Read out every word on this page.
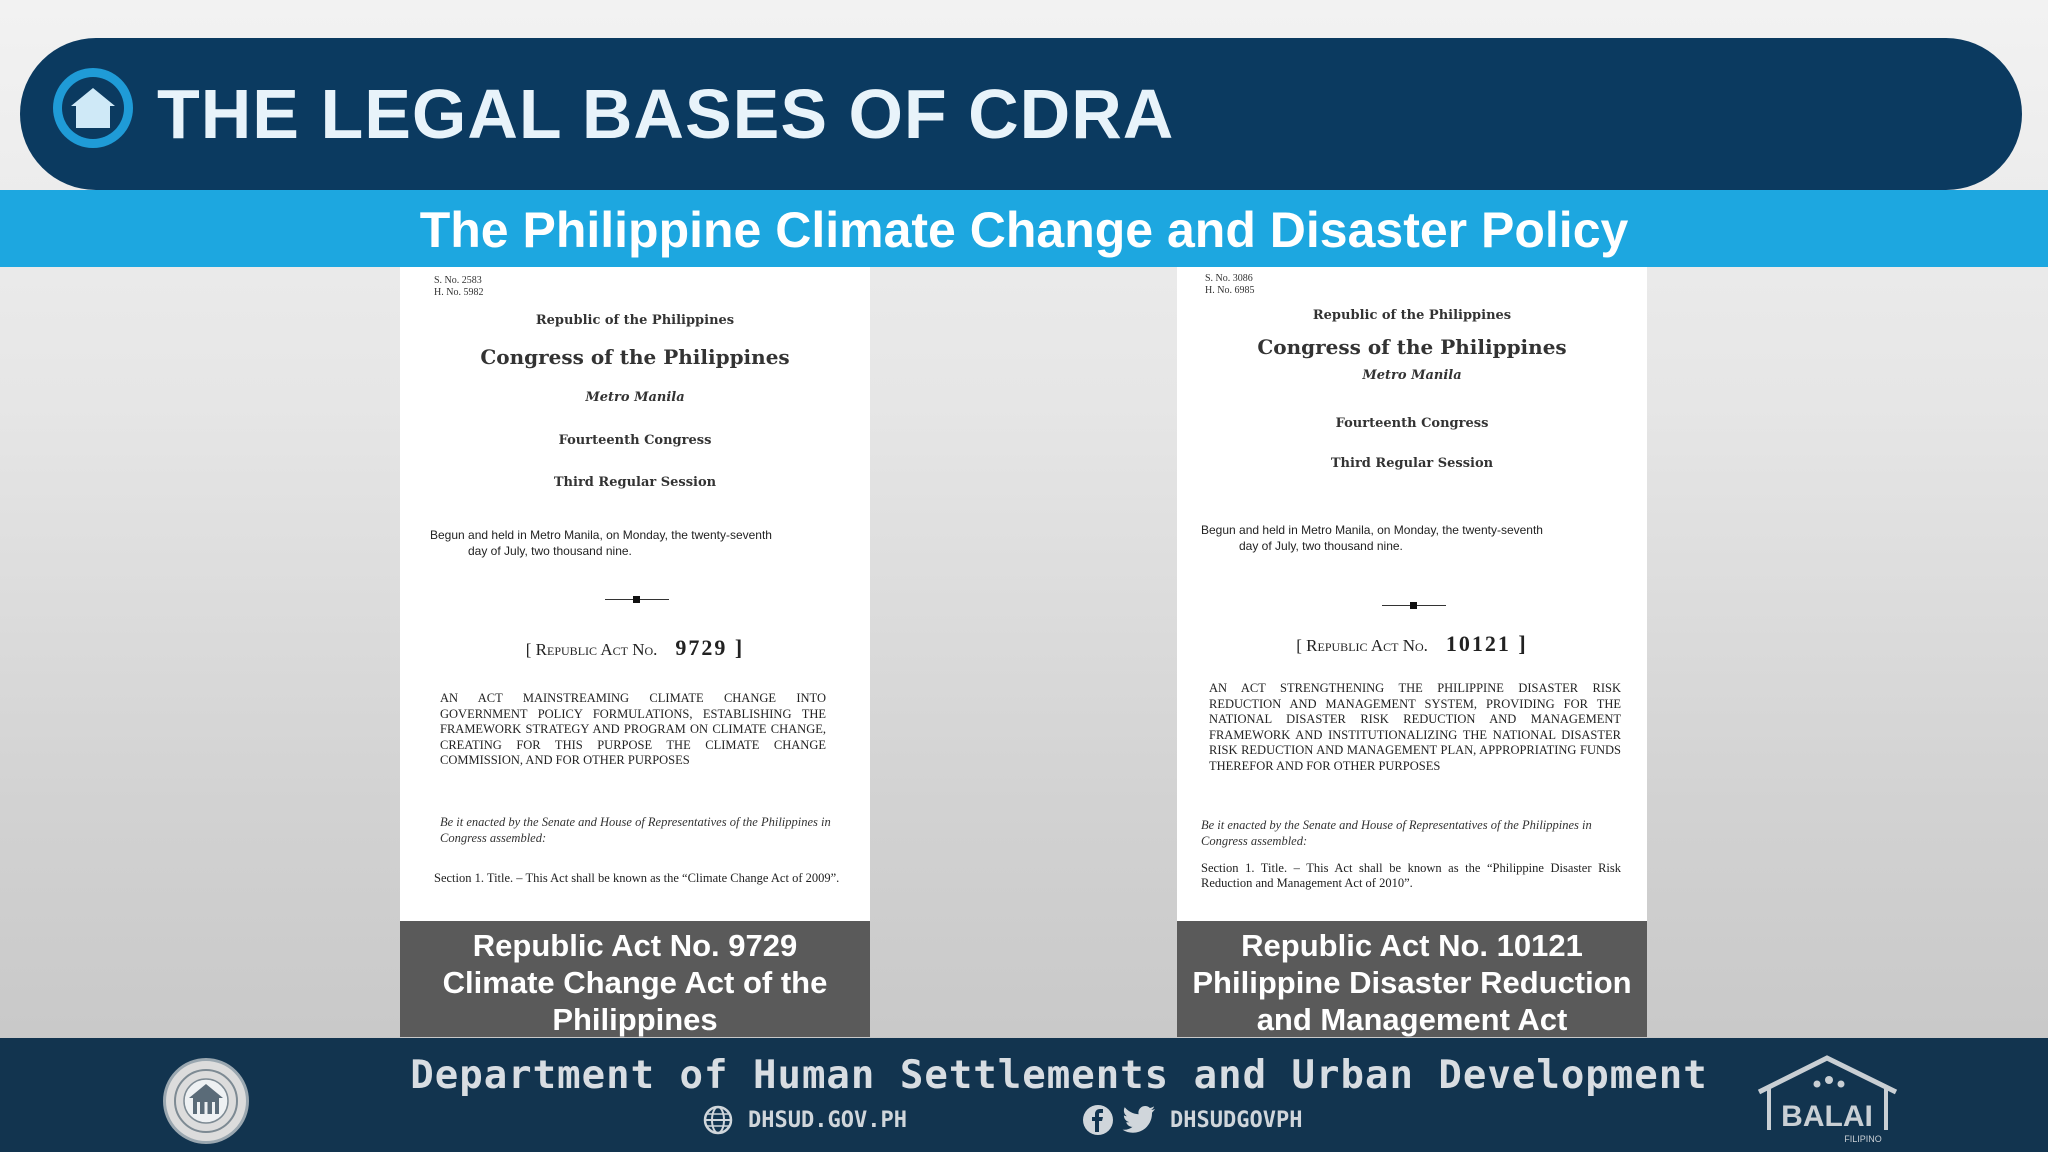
THE LEGAL BASES OF CDRA
The Philippine Climate Change and Disaster Policy
S. No. 2583
H. No. 5982
Republic of the Philippines
Congress of the Philippines
Metro Manila
Fourteenth Congress
Third Regular Session
Begun and held in Metro Manila, on Monday, the twenty-seventh
day of July, two thousand nine.
[ Republic Act No. 9729 ]
AN ACT MAINSTREAMING CLIMATE CHANGE INTO GOVERNMENT POLICY FORMULATIONS, ESTABLISHING THE FRAMEWORK STRATEGY AND PROGRAM ON CLIMATE CHANGE, CREATING FOR THIS PURPOSE THE CLIMATE CHANGE COMMISSION, AND FOR OTHER PURPOSES
Be it enacted by the Senate and House of Representatives of the Philippines in Congress assembled:
Section 1. Title. – This Act shall be known as the “Climate Change Act of 2009”.
Republic Act No. 9729
Climate Change Act of the
Philippines
S. No. 3086
H. No. 6985
Republic of the Philippines
Congress of the Philippines
Metro Manila
Fourteenth Congress
Third Regular Session
Begun and held in Metro Manila, on Monday, the twenty-seventh
day of July, two thousand nine.
[ Republic Act No. 10121 ]
AN ACT STRENGTHENING THE PHILIPPINE DISASTER RISK REDUCTION AND MANAGEMENT SYSTEM, PROVIDING FOR THE NATIONAL DISASTER RISK REDUCTION AND MANAGEMENT FRAMEWORK AND INSTITUTIONALIZING THE NATIONAL DISASTER RISK REDUCTION AND MANAGEMENT PLAN, APPROPRIATING FUNDS THEREFOR AND FOR OTHER PURPOSES
Be it enacted by the Senate and House of Representatives of the Philippines in Congress assembled:
Section 1. Title. – This Act shall be known as the “Philippine Disaster Risk Reduction and Management Act of 2010”.
Republic Act No. 10121
Philippine Disaster Reduction
and Management Act
Department of Human Settlements and Urban Development
DHSUD.GOV.PH	DHSUDGOVPH	BALAI
FILIPINO
